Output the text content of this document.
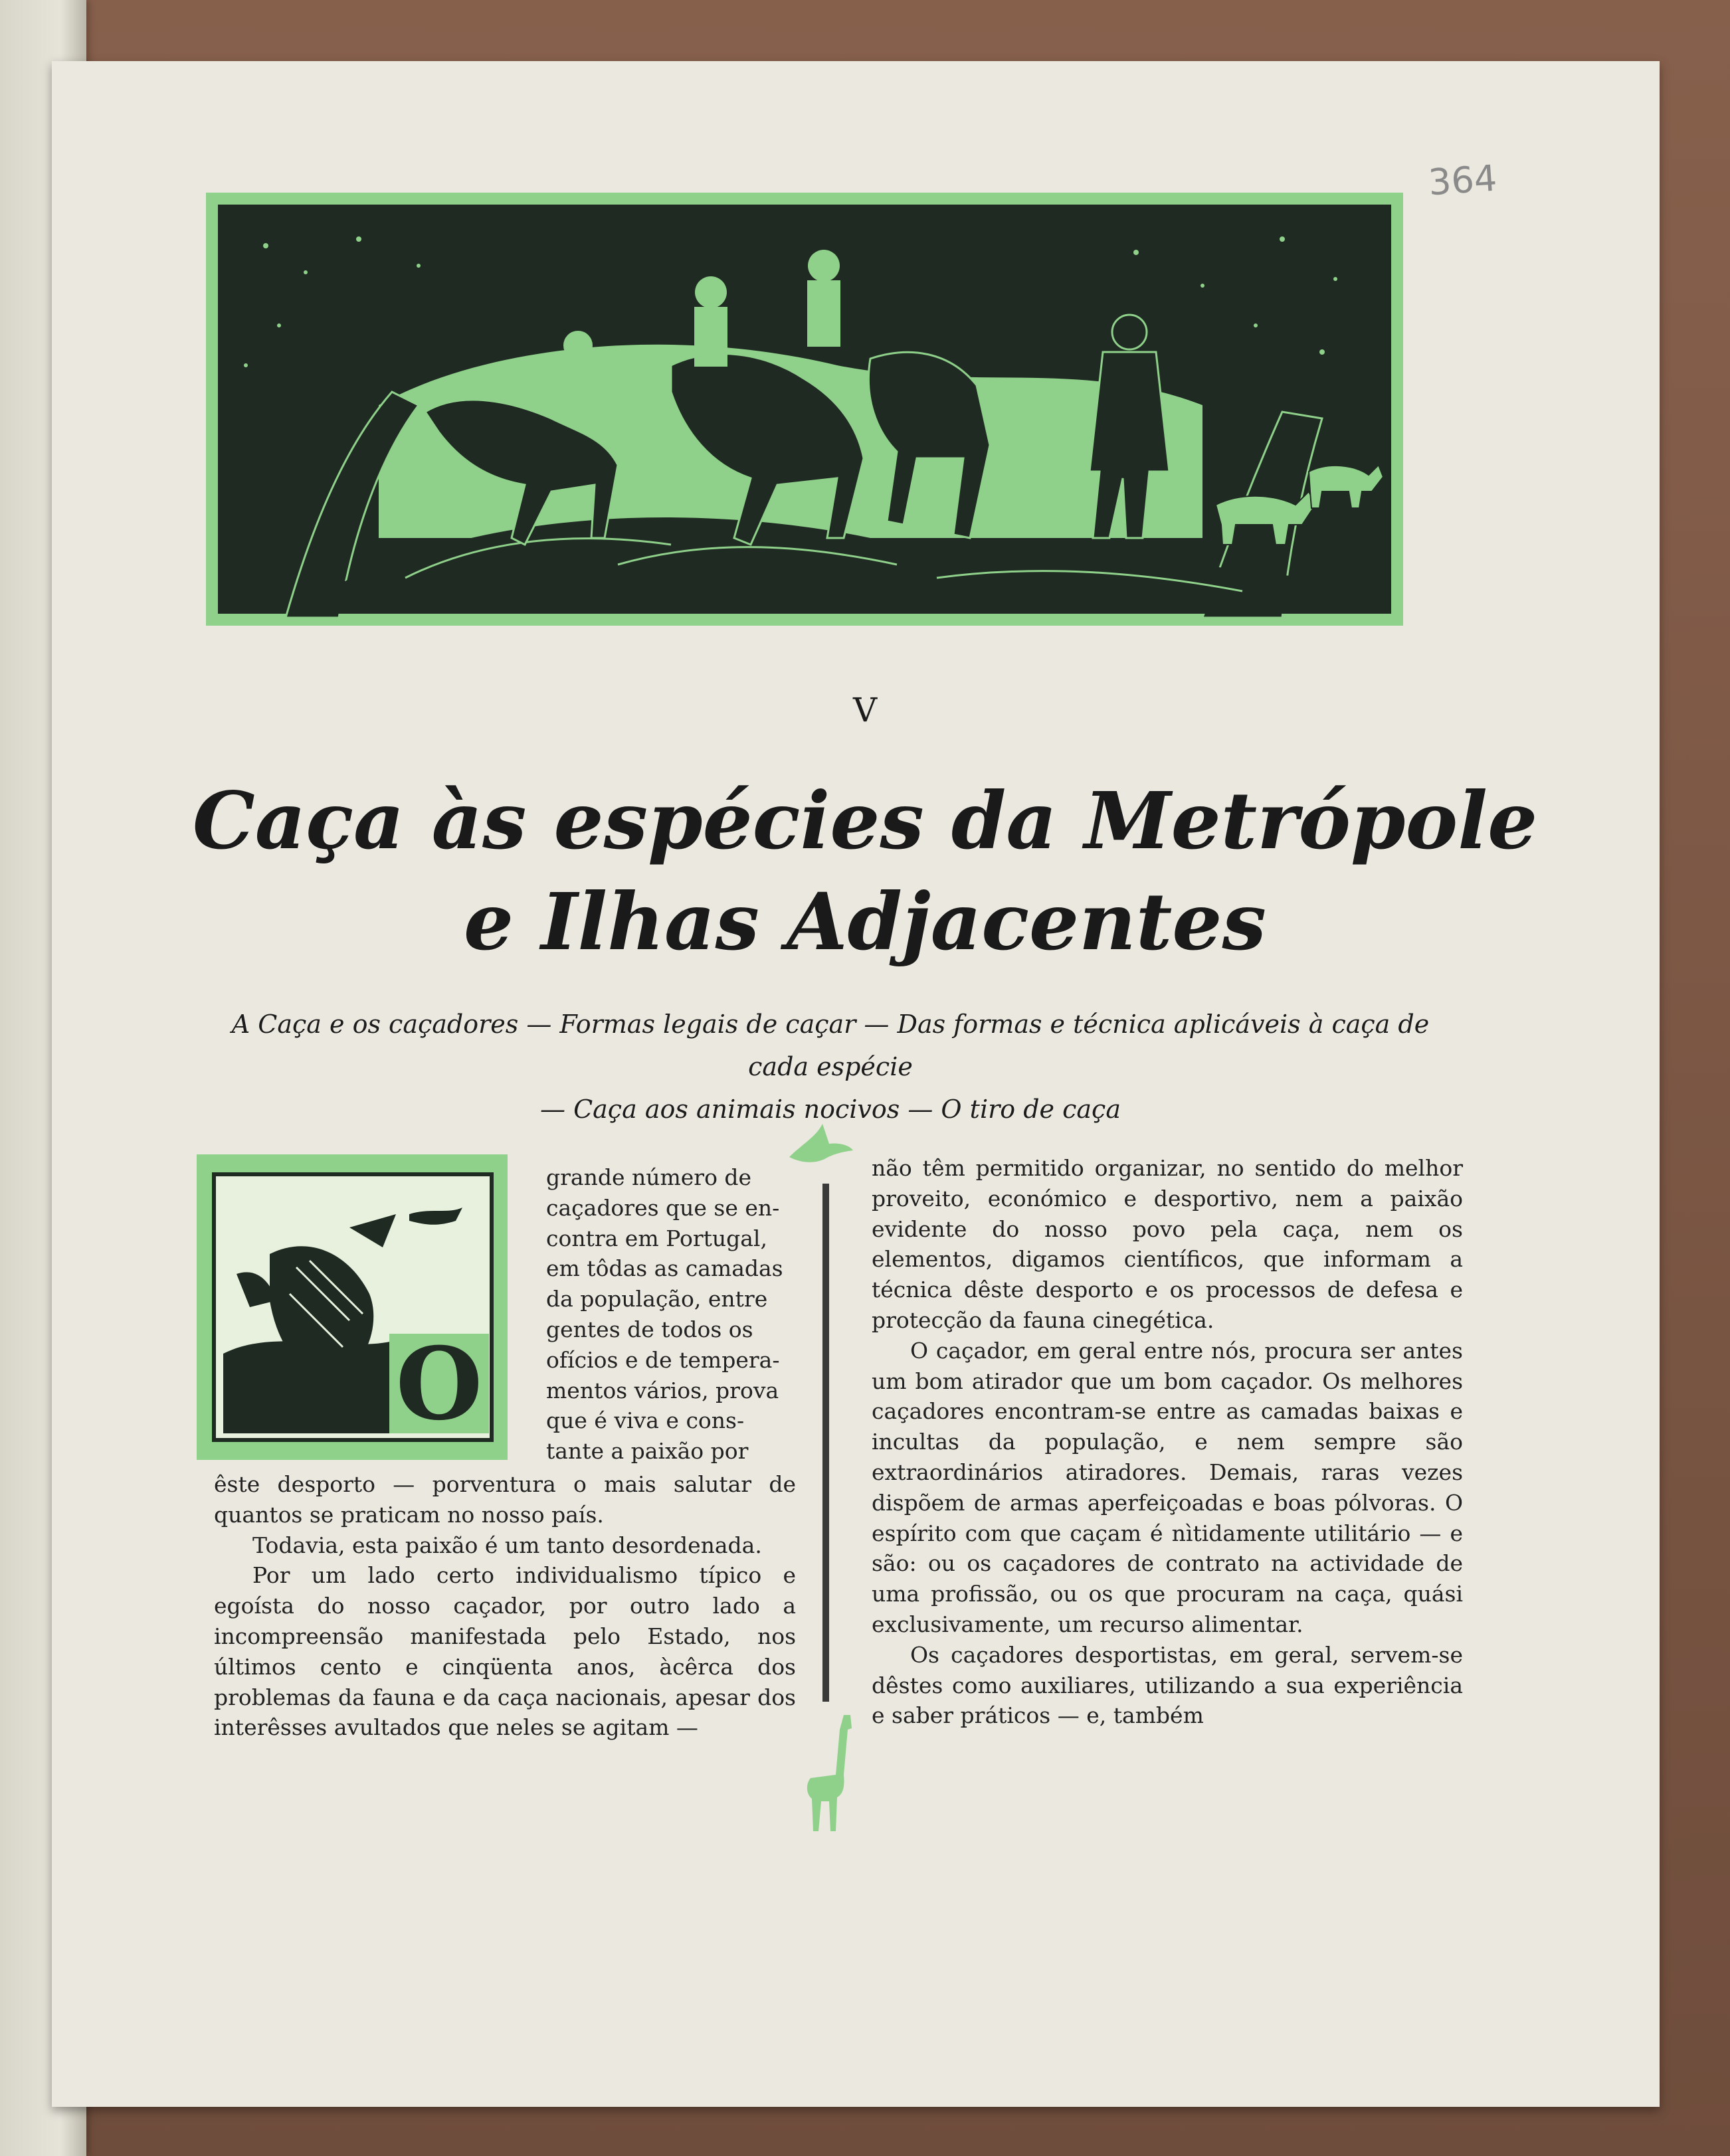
364
V
Caça às espécies da Metrópole
e Ilhas Adjacentes
A Caça e os caçadores — Formas legais de caçar — Das formas e técnica aplicáveis à caça de cada espécie
— Caça aos animais nocivos — O tiro de caça
O
grande número de
caçadores que se en-
contra em Portugal,
em tôdas as camadas
da população, entre
gentes de todos os
ofícios e de tempera-
mentos vários, prova
que é viva e cons-
tante a paixão por

êste desporto — porventura o mais salutar de quantos se praticam no nosso país.

Todavia, esta paixão é um tanto desordenada.

Por um lado certo individualismo típico e egoísta do nosso caçador, por outro lado a incompreensão manifestada pelo Estado, nos últimos cento e cinqüenta anos, àcêrca dos problemas da fauna e da caça nacionais, apesar dos interêsses avultados que neles se agitam —

não têm permitido organizar, no sentido do melhor proveito, económico e desportivo, nem a paixão evidente do nosso povo pela caça, nem os elementos, digamos científicos, que informam a técnica dêste desporto e os processos de defesa e protecção da fauna cinegética.

O caçador, em geral entre nós, procura ser antes um bom atirador que um bom caçador. Os melhores caçadores encontram-se entre as camadas baixas e incultas da população, e nem sempre são extraordinários atiradores. Demais, raras vezes dispõem de armas aperfeiçoadas e boas pólvoras. O espírito com que caçam é nìtidamente utilitário — e são: ou os caçadores de contrato na actividade de uma profissão, ou os que procuram na caça, quási exclusivamente, um recurso alimentar.

Os caçadores desportistas, em geral, servem-se dêstes como auxiliares, utilizando a sua experiência e saber práticos — e, também
